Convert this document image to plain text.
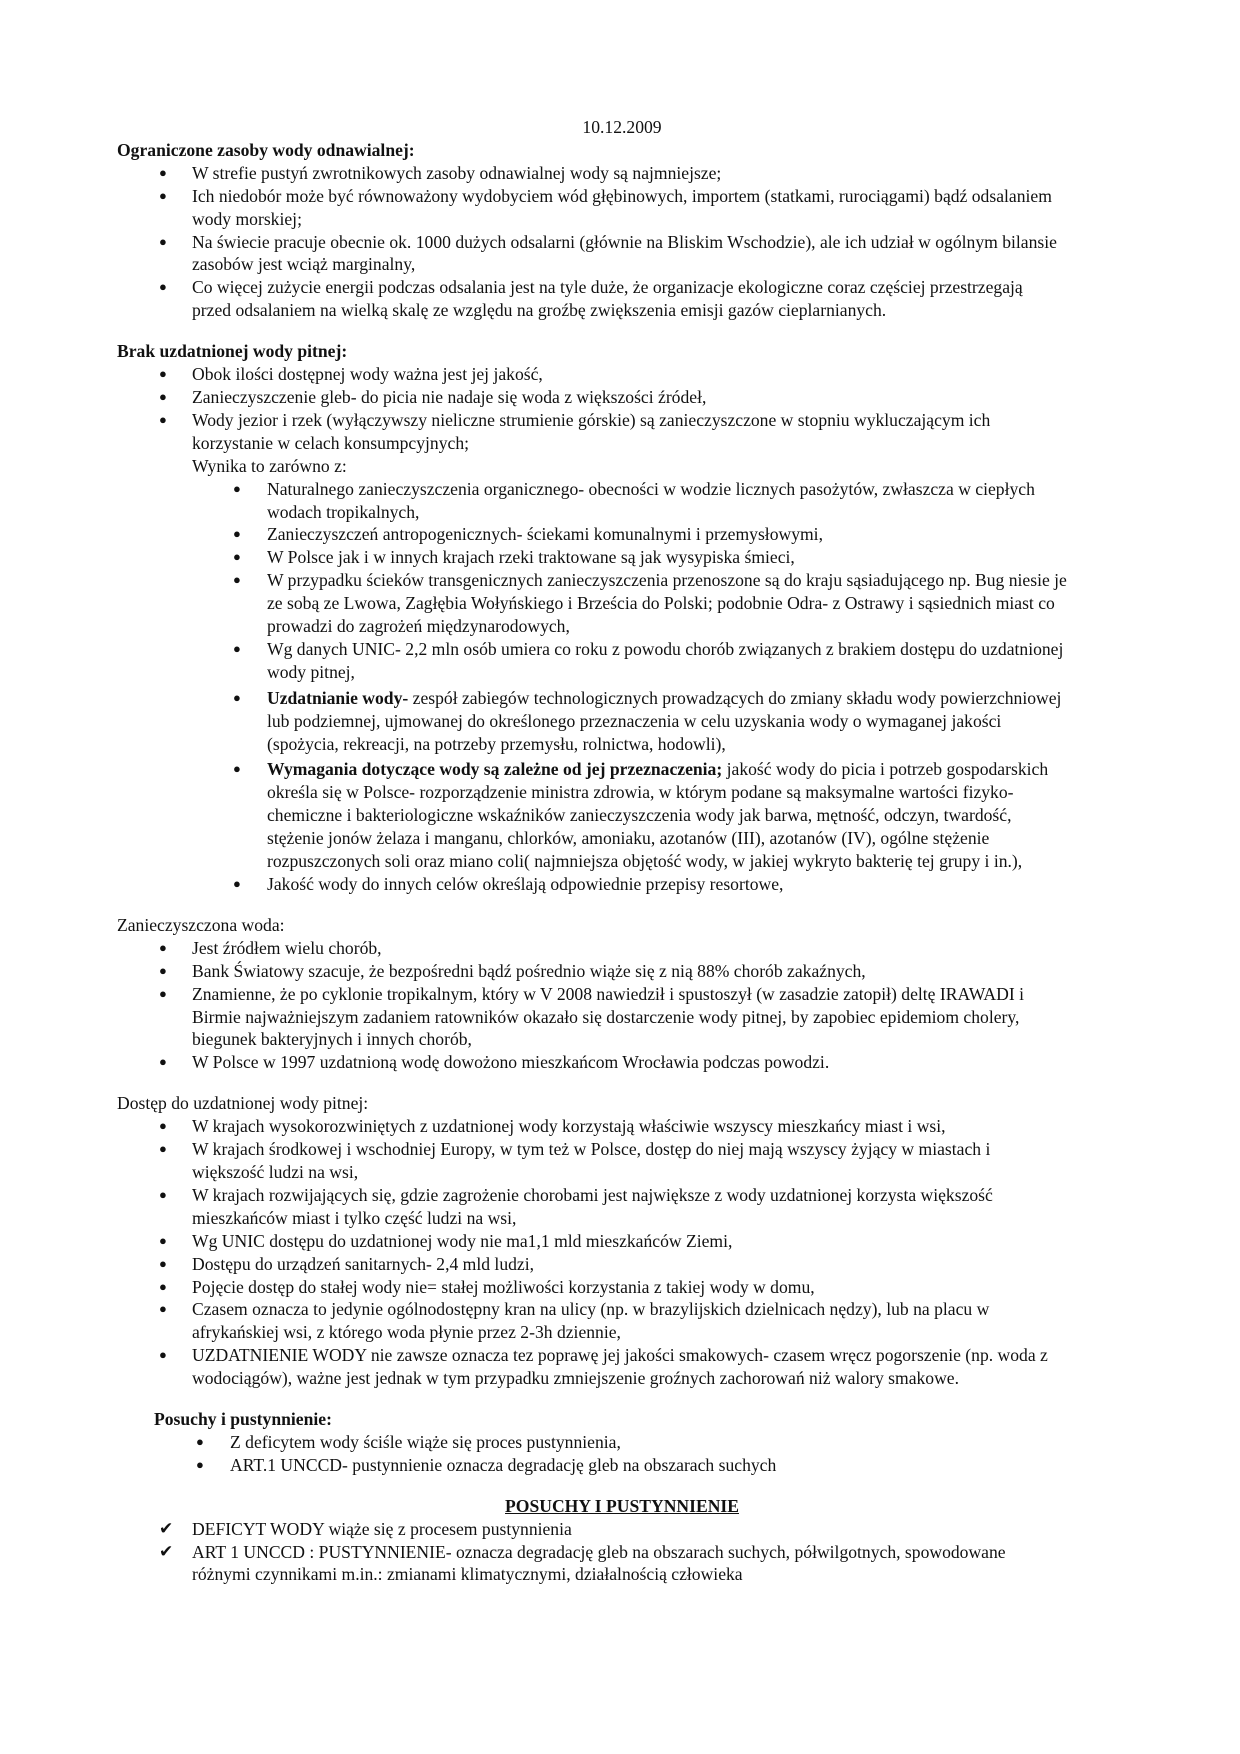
10.12.2009
Ograniczone zasoby wody odnawialnej:
● W strefie pustyń zwrotnikowych zasoby odnawialnej wody są najmniejsze;
● Ich niedobór może być równoważony wydobyciem wód głębinowych, importem (statkami, rurociągami) bądź odsalaniem
wody morskiej;
● Na świecie pracuje obecnie ok. 1000 dużych odsalarni (głównie na Bliskim Wschodzie), ale ich udział w ogólnym bilansie
zasobów jest wciąż marginalny,
● Co więcej zużycie energii podczas odsalania jest na tyle duże, że organizacje ekologiczne coraz częściej przestrzegają
przed odsalaniem na wielką skalę ze względu na groźbę zwiększenia emisji gazów cieplarnianych.
Brak uzdatnionej wody pitnej:
● Obok ilości dostępnej wody ważna jest jej jakość,
● Zanieczyszczenie gleb- do picia nie nadaje się woda z większości źródeł,
● Wody jezior i rzek (wyłączywszy nieliczne strumienie górskie) są zanieczyszczone w stopniu wykluczającym ich
korzystanie w celach konsumpcyjnych;
Wynika to zarówno z:
● Naturalnego zanieczyszczenia organicznego- obecności w wodzie licznych pasożytów, zwłaszcza w ciepłych
wodach tropikalnych,
● Zanieczyszczeń antropogenicznych- ściekami komunalnymi i przemysłowymi,
● W Polsce jak i w innych krajach rzeki traktowane są jak wysypiska śmieci,
● W przypadku ścieków transgenicznych zanieczyszczenia przenoszone są do kraju sąsiadującego np. Bug niesie je
ze sobą ze Lwowa, Zagłębia Wołyńskiego i Brześcia do Polski; podobnie Odra- z Ostrawy i sąsiednich miast co
prowadzi do zagrożeń międzynarodowych,
● Wg danych UNIC- 2,2 mln osób umiera co roku z powodu chorób związanych z brakiem dostępu do uzdatnionej
wody pitnej,
● Uzdatnianie wody- zespół zabiegów technologicznych prowadzących do zmiany składu wody powierzchniowej
lub podziemnej, ujmowanej do określonego przeznaczenia w celu uzyskania wody o wymaganej jakości
(spożycia, rekreacji, na potrzeby przemysłu, rolnictwa, hodowli),
● Wymagania dotyczące wody są zależne od jej przeznaczenia; jakość wody do picia i potrzeb gospodarskich
określa się w Polsce- rozporządzenie ministra zdrowia, w którym podane są maksymalne wartości fizyko-
chemiczne i bakteriologiczne wskaźników zanieczyszczenia wody jak barwa, mętność, odczyn, twardość,
stężenie jonów żelaza i manganu, chlorków, amoniaku, azotanów (III), azotanów (IV), ogólne stężenie
rozpuszczonych soli oraz miano coli( najmniejsza objętość wody, w jakiej wykryto bakterię tej grupy i in.),
● Jakość wody do innych celów określają odpowiednie przepisy resortowe,
Zanieczyszczona woda:
● Jest źródłem wielu chorób,
● Bank Światowy szacuje, że bezpośredni bądź pośrednio wiąże się z nią 88% chorób zakaźnych,
● Znamienne, że po cyklonie tropikalnym, który w V 2008 nawiedził i spustoszył (w zasadzie zatopił) deltę IRAWADI i
Birmie najważniejszym zadaniem ratowników okazało się dostarczenie wody pitnej, by zapobiec epidemiom cholery,
biegunek bakteryjnych i innych chorób,
● W Polsce w 1997 uzdatnioną wodę dowożono mieszkańcom Wrocławia podczas powodzi.
Dostęp do uzdatnionej wody pitnej:
● W krajach wysokorozwiniętych z uzdatnionej wody korzystają właściwie wszyscy mieszkańcy miast i wsi,
● W krajach środkowej i wschodniej Europy, w tym też w Polsce, dostęp do niej mają wszyscy żyjący w miastach i
większość ludzi na wsi,
● W krajach rozwijających się, gdzie zagrożenie chorobami jest największe z wody uzdatnionej korzysta większość
mieszkańców miast i tylko część ludzi na wsi,
● Wg UNIC dostępu do uzdatnionej wody nie ma1,1 mld mieszkańców Ziemi,
● Dostępu do urządzeń sanitarnych- 2,4 mld ludzi,
● Pojęcie dostęp do stałej wody nie= stałej możliwości korzystania z takiej wody w domu,
● Czasem oznacza to jedynie ogólnodostępny kran na ulicy (np. w brazylijskich dzielnicach nędzy), lub na placu w
afrykańskiej wsi, z którego woda płynie przez 2-3h dziennie,
● UZDATNIENIE WODY nie zawsze oznacza tez poprawę jej jakości smakowych- czasem wręcz pogorszenie (np. woda z
wodociągów), ważne jest jednak w tym przypadku zmniejszenie groźnych zachorowań niż walory smakowe.
Posuchy i pustynnienie:
● Z deficytem wody ściśle wiąże się proces pustynnienia,
● ART.1 UNCCD- pustynnienie oznacza degradację gleb na obszarach suchych
POSUCHY I PUSTYNNIENIE
✔ DEFICYT WODY wiąże się z procesem pustynnienia
✔ ART 1 UNCCD : PUSTYNNIENIE- oznacza degradację gleb na obszarach suchych, półwilgotnych, spowodowane
różnymi czynnikami m.in.: zmianami klimatycznymi, działalnością człowieka
